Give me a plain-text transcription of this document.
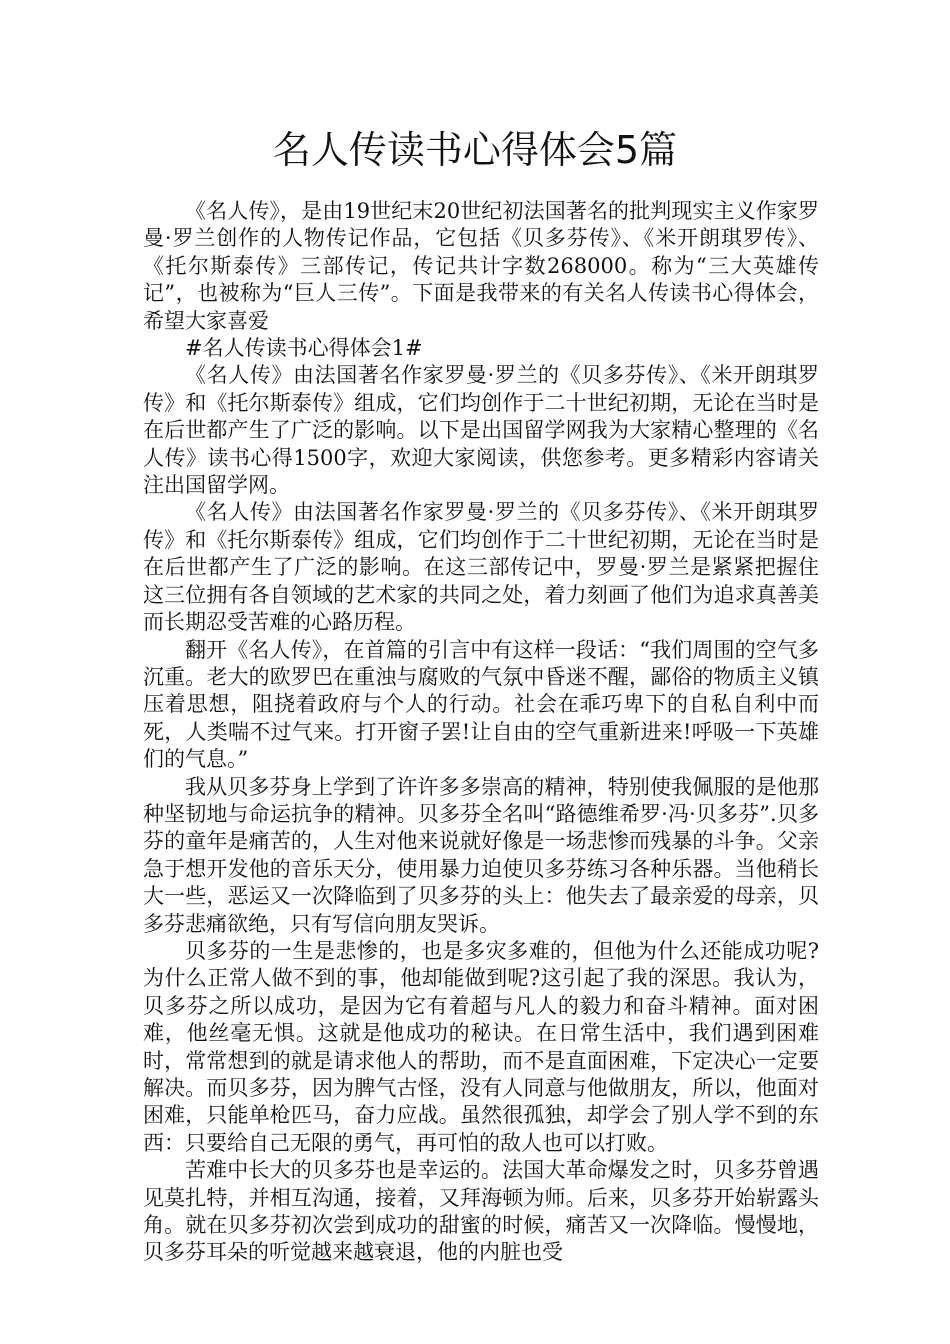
名人传读书心得体会5篇

《名人传》，是由19世纪末20世纪初法国著名的批判现实主义作家罗曼·罗兰创作的人物传记作品，它包括《贝多芬传》、《米开朗琪罗传》、《托尔斯泰传》三部传记，传记共计字数268000。称为“三大英雄传记”，也被称为“巨人三传”。下面是我带来的有关名人传读书心得体会，希望大家喜爱

#名人传读书心得体会1#

《名人传》由法国著名作家罗曼·罗兰的《贝多芬传》、《米开朗琪罗传》和《托尔斯泰传》组成，它们均创作于二十世纪初期，无论在当时是在后世都产生了广泛的影响。以下是出国留学网我为大家精心整理的《名人传》读书心得1500字，欢迎大家阅读，供您参考。更多精彩内容请关注出国留学网。

《名人传》由法国著名作家罗曼·罗兰的《贝多芬传》、《米开朗琪罗传》和《托尔斯泰传》组成，它们均创作于二十世纪初期，无论在当时是在后世都产生了广泛的影响。在这三部传记中，罗曼·罗兰是紧紧把握住这三位拥有各自领域的艺术家的共同之处，着力刻画了他们为追求真善美而长期忍受苦难的心路历程。

翻开《名人传》，在首篇的引言中有这样一段话：“我们周围的空气多沉重。老大的欧罗巴在重浊与腐败的气氛中昏迷不醒，鄙俗的物质主义镇压着思想，阻挠着政府与个人的行动。社会在乖巧卑下的自私自利中而死，人类喘不过气来。打开窗子罢!让自由的空气重新进来!呼吸一下英雄们的气息。”

我从贝多芬身上学到了许许多多崇高的精神，特别使我佩服的是他那种坚韧地与命运抗争的精神。贝多芬全名叫“路德维希罗·冯·贝多芬”.贝多芬的童年是痛苦的，人生对他来说就好像是一场悲惨而残暴的斗争。父亲急于想开发他的音乐天分，使用暴力迫使贝多芬练习各种乐器。当他稍长大一些，恶运又一次降临到了贝多芬的头上：他失去了最亲爱的母亲，贝多芬悲痛欲绝，只有写信向朋友哭诉。

贝多芬的一生是悲惨的，也是多灾多难的，但他为什么还能成功呢?为什么正常人做不到的事，他却能做到呢?这引起了我的深思。我认为，贝多芬之所以成功，是因为它有着超与凡人的毅力和奋斗精神。面对困难，他丝毫无惧。这就是他成功的秘诀。在日常生活中，我们遇到困难时，常常想到的就是请求他人的帮助，而不是直面困难，下定决心一定要解决。而贝多芬，因为脾气古怪，没有人同意与他做朋友，所以，他面对困难，只能单枪匹马，奋力应战。虽然很孤独，却学会了别人学不到的东西：只要给自己无限的勇气，再可怕的敌人也可以打败。

苦难中长大的贝多芬也是幸运的。法国大革命爆发之时，贝多芬曾遇见莫扎特，并相互沟通，接着，又拜海顿为师。后来，贝多芬开始崭露头角。就在贝多芬初次尝到成功的甜蜜的时候，痛苦又一次降临。慢慢地，贝多芬耳朵的听觉越来越衰退，他的内脏也受
